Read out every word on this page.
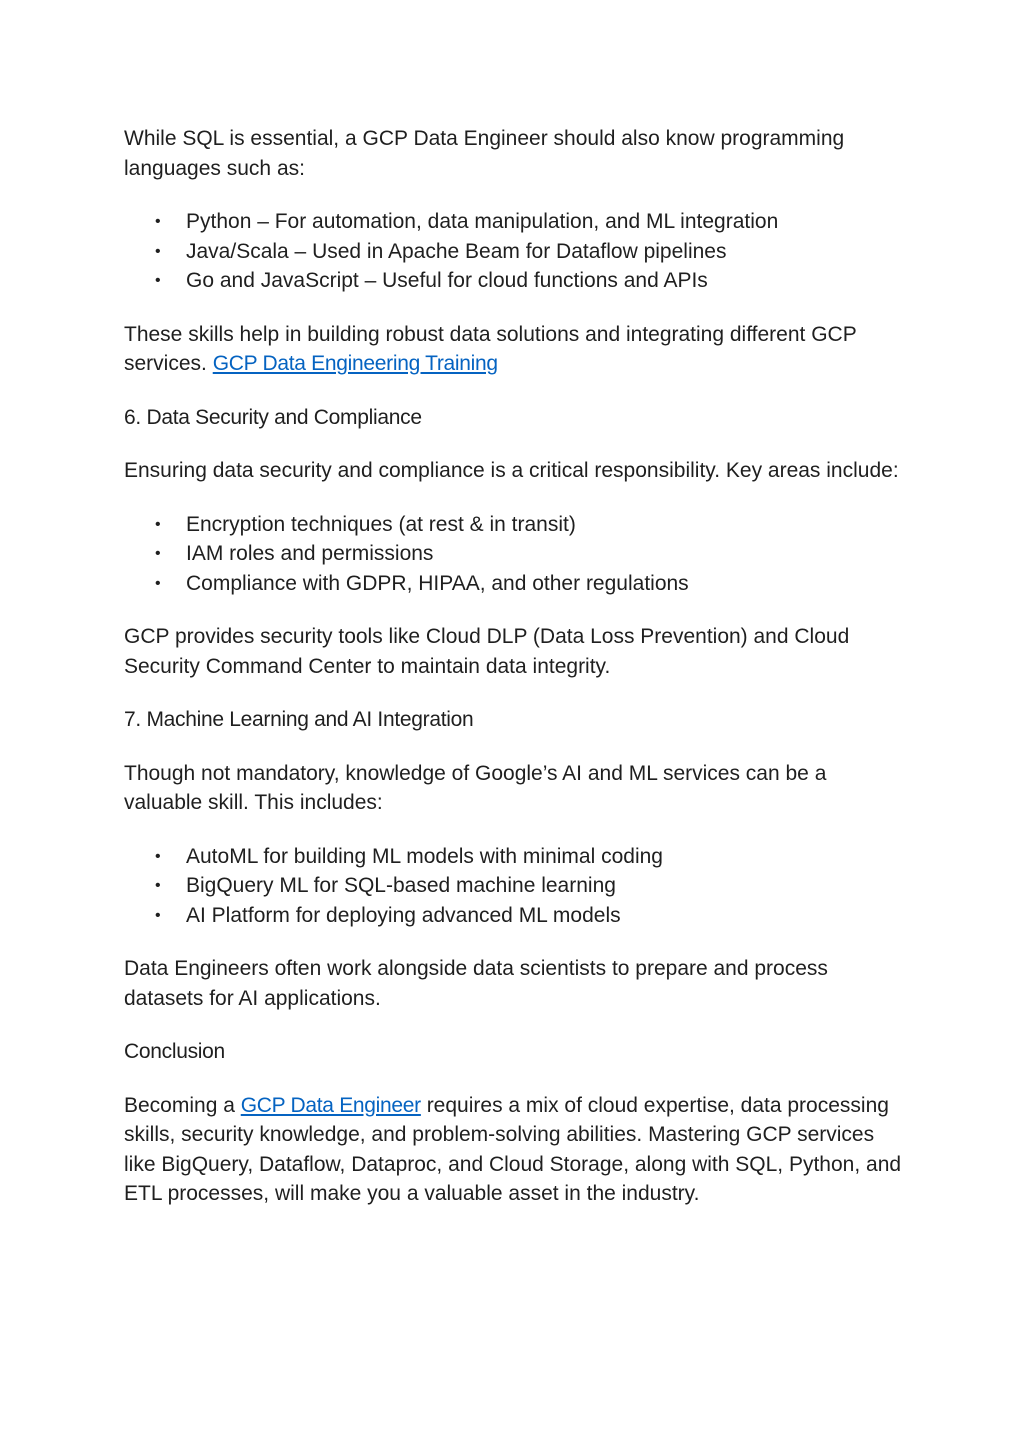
While SQL is essential, a GCP Data Engineer should also know programming languages such as:

• Python – For automation, data manipulation, and ML integration
• Java/Scala – Used in Apache Beam for Dataflow pipelines
• Go and JavaScript – Useful for cloud functions and APIs

These skills help in building robust data solutions and integrating different GCP services. GCP Data Engineering Training

6. Data Security and Compliance

Ensuring data security and compliance is a critical responsibility. Key areas include:

• Encryption techniques (at rest & in transit)
• IAM roles and permissions
• Compliance with GDPR, HIPAA, and other regulations

GCP provides security tools like Cloud DLP (Data Loss Prevention) and Cloud Security Command Center to maintain data integrity.

7. Machine Learning and AI Integration

Though not mandatory, knowledge of Google’s AI and ML services can be a valuable skill. This includes:

• AutoML for building ML models with minimal coding
• BigQuery ML for SQL-based machine learning
• AI Platform for deploying advanced ML models

Data Engineers often work alongside data scientists to prepare and process datasets for AI applications.

Conclusion

Becoming a GCP Data Engineer requires a mix of cloud expertise, data processing skills, security knowledge, and problem-solving abilities. Mastering GCP services like BigQuery, Dataflow, Dataproc, and Cloud Storage, along with SQL, Python, and ETL processes, will make you a valuable asset in the industry.
